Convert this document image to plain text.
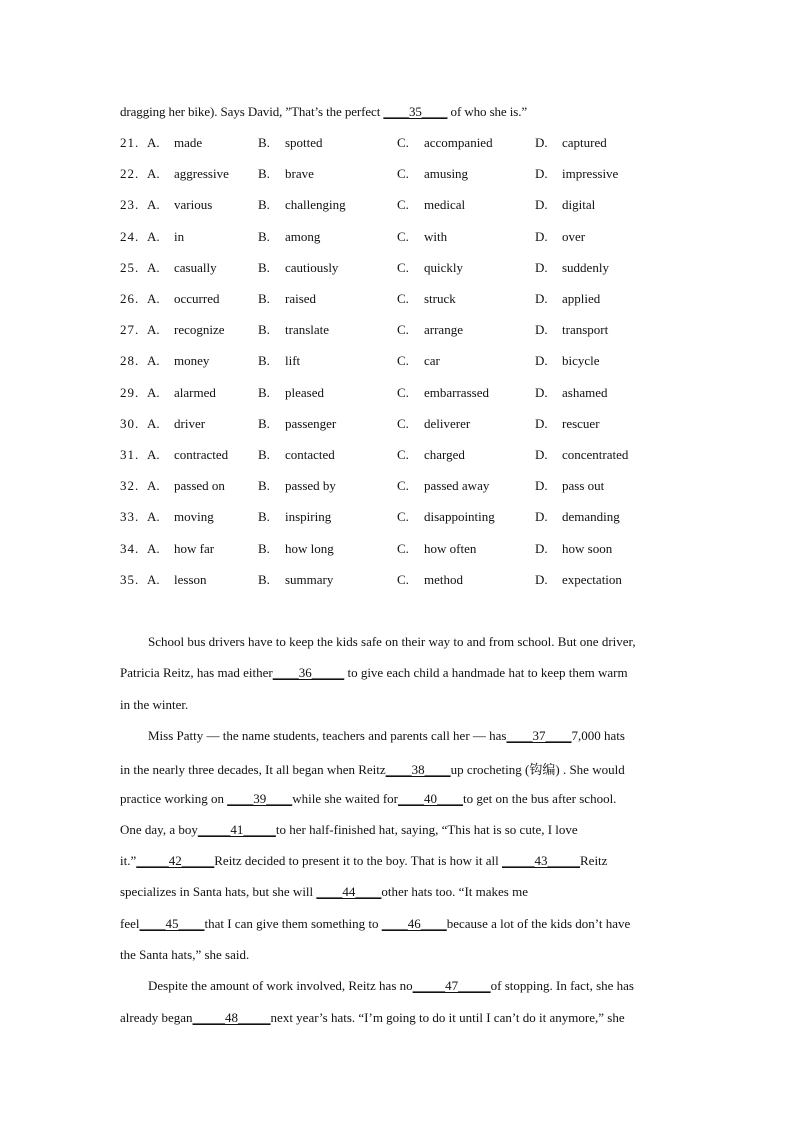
dragging her bike). Says David, ”That’s the perfect ____35____ of who she is.”
21. A. made	B. spotted	C. accompanied	D. captured
22. A. aggressive B. brave	C. amusing	D. impressive
23. A. various	B. challenging	C. medical	D. digital
24. A. in	B. among	C. with	D. over
25. A. casually	B. cautiously	C. quickly	D. suddenly
26. A. occurred	B. raised	C. struck	D. applied
27. A. recognize	B. translate	C. arrange	D. transport
28. A. money	B. lift	C. car	D. bicycle
29. A. alarmed	B. pleased	C. embarrassed	D. ashamed
30. A. driver	B. passenger	C. deliverer	D. rescuer
31. A. contracted B. contacted	C. charged	D. concentrated
32. A. passed on	B. passed by	C. passed away	D. pass out
33. A. moving	B. inspiring	C. disappointing	D. demanding
34. A. how far	B. how long	C. how often	D. how soon
35. A. lesson	B. summary	C. method	D. expectation
School bus drivers have to keep the kids safe on their way to and from school. But one driver,
Patricia Reitz, has mad either____36_____ to give each child a handmade hat to keep them warm
in the winter.
Miss Patty — the name students, teachers and parents call her — has____37____7,000 hats
in the nearly three decades, It all began when Reitz____38____up crocheting (钩编) . She would
practice working on ____39____while she waited for____40____to get on the bus after school.
One day, a boy_____41_____to her half-finished hat, saying, “This hat is so cute, I love
it.”_____42_____Reitz decided to present it to the boy. That is how it all _____43_____Reitz
specializes in Santa hats, but she will ____44____other hats too. “It makes me
feel____45____that I can give them something to ____46____because a lot of the kids don’t have
the Santa hats,” she said.
Despite the amount of work involved, Reitz has no_____47_____of stopping. In fact, she has
already began_____48_____next year’s hats. “I’m going to do it until I can’t do it anymore,” she
